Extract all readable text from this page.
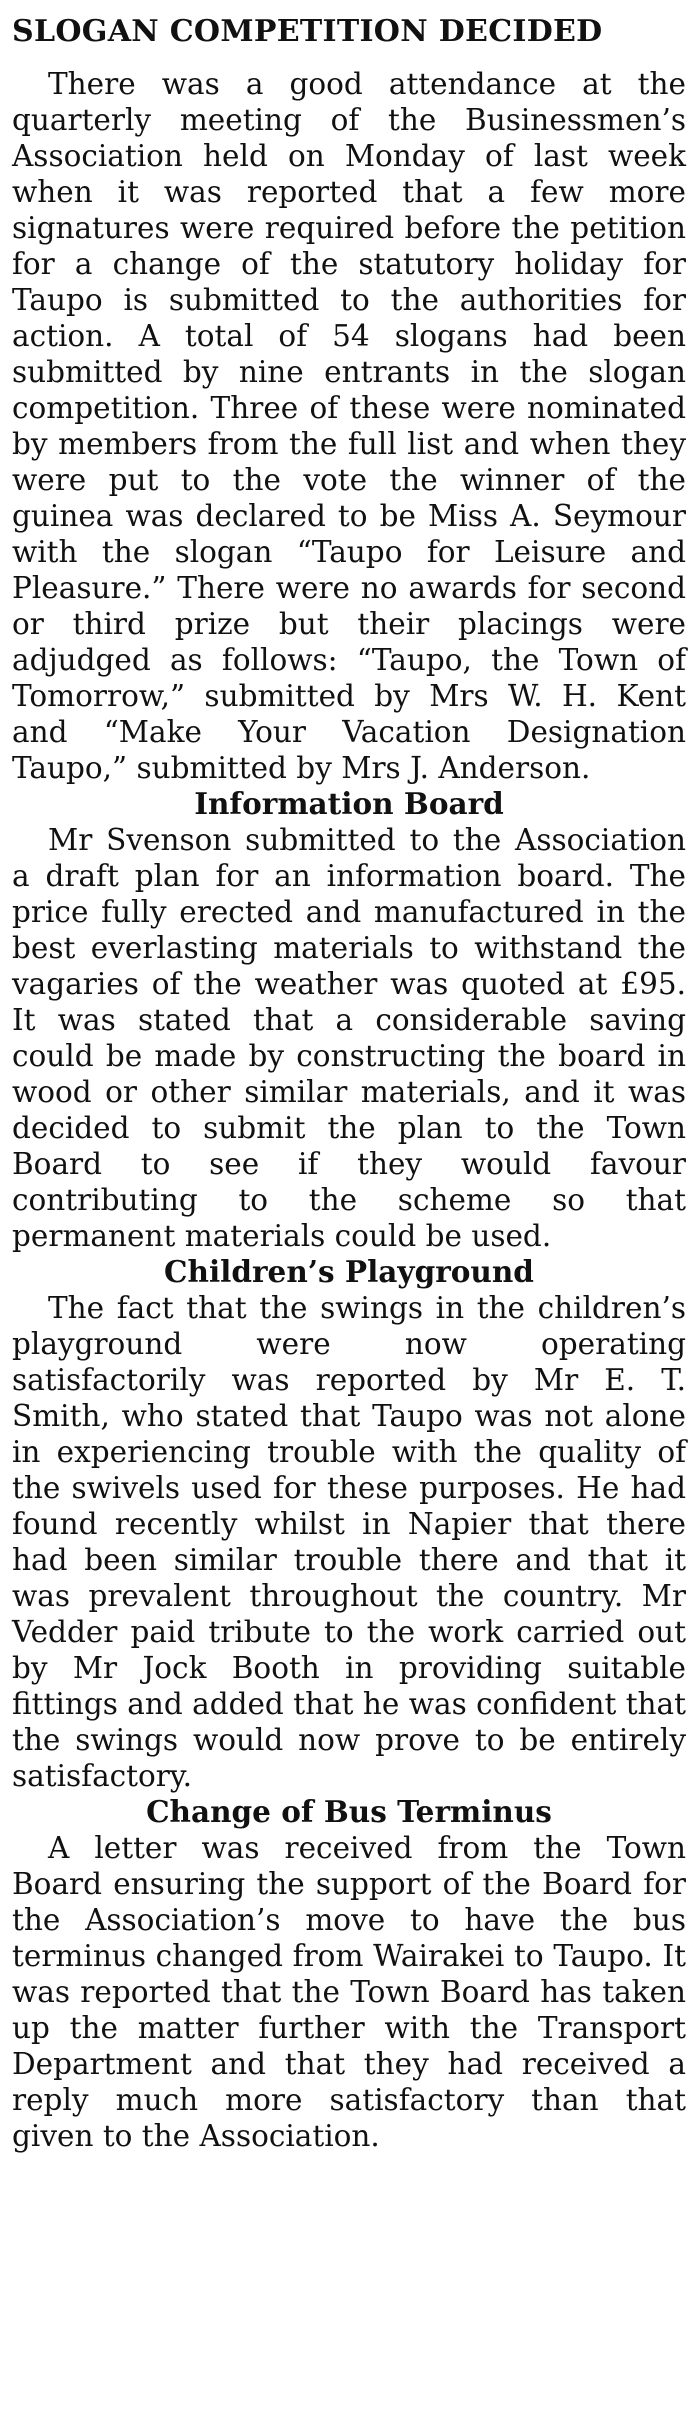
SLOGAN COMPETITION DECIDED

There was a good attendance at the quarterly meeting of the Businessmen’s Association held on Monday of last week when it was reported that a few more signatures were required before the petition for a change of the statutory holiday for Taupo is submitted to the authorities for action. A total of 54 slogans had been submitted by nine entrants in the slogan competition. Three of these were nominated by members from the full list and when they were put to the vote the winner of the guinea was declared to be Miss A. Seymour with the slogan “Taupo for Leisure and Pleasure.” There were no awards for second or third prize but their placings were adjudged as follows: “Taupo, the Town of Tomorrow,” submitted by Mrs W. H. Kent and “Make Your Vacation Designation Taupo,” submitted by Mrs J. Anderson.

Information Board

Mr Svenson submitted to the Association a draft plan for an information board. The price fully erected and manufactured in the best everlasting materials to withstand the vagaries of the weather was quoted at £95. It was stated that a considerable saving could be made by constructing the board in wood or other similar materials, and it was decided to submit the plan to the Town Board to see if they would favour contributing to the scheme so that permanent materials could be used.

Children’s Playground

The fact that the swings in the children’s playground were now operating satisfactorily was reported by Mr E. T. Smith, who stated that Taupo was not alone in experiencing trouble with the quality of the swivels used for these purposes. He had found recently whilst in Napier that there had been similar trouble there and that it was prevalent throughout the country. Mr Vedder paid tribute to the work carried out by Mr Jock Booth in providing suitable fittings and added that he was confident that the swings would now prove to be entirely satisfactory.

Change of Bus Terminus

A letter was received from the Town Board ensuring the support of the Board for the Association’s move to have the bus terminus changed from Wairakei to Taupo. It was reported that the Town Board has taken up the matter further with the Transport Department and that they had received a reply much more satisfactory than that given to the Association.
